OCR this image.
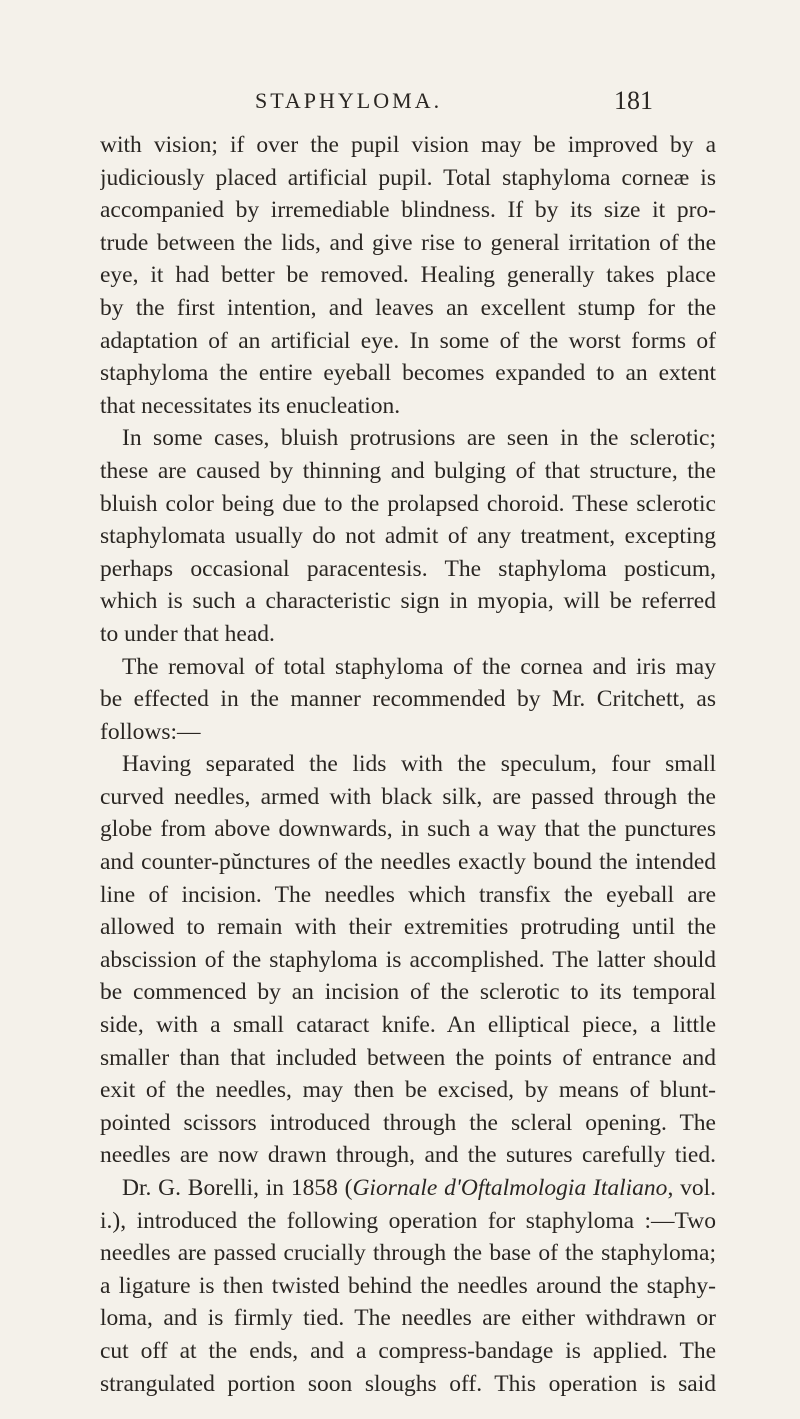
STAPHYLOMA.	181
with vision; if over the pupil vision may be improved by a
judiciously placed artificial pupil. Total staphyloma corneæ is
accompanied by irremediable blindness. If by its size it pro-
trude between the lids, and give rise to general irritation of the
eye, it had better be removed. Healing generally takes place
by the first intention, and leaves an excellent stump for the
adaptation of an artificial eye. In some of the worst forms of
staphyloma the entire eyeball becomes expanded to an extent
that necessitates its enucleation.
In some cases, bluish protrusions are seen in the sclerotic;
these are caused by thinning and bulging of that structure, the
bluish color being due to the prolapsed choroid. These sclerotic
staphylomata usually do not admit of any treatment, excepting
perhaps occasional paracentesis. The staphyloma posticum,
which is such a characteristic sign in myopia, will be referred
to under that head.
The removal of total staphyloma of the cornea and iris may
be effected in the manner recommended by Mr. Critchett, as
follows:—
Having separated the lids with the speculum, four small
curved needles, armed with black silk, are passed through the
globe from above downwards, in such a way that the punctures
and counter-pŭnctures of the needles exactly bound the intended
line of incision. The needles which transfix the eyeball are
allowed to remain with their extremities protruding until the
abscission of the staphyloma is accomplished. The latter should
be commenced by an incision of the sclerotic to its temporal
side, with a small cataract knife. An elliptical piece, a little
smaller than that included between the points of entrance and
exit of the needles, may then be excised, by means of blunt-
pointed scissors introduced through the scleral opening. The
needles are now drawn through, and the sutures carefully tied.
Dr. G. Borelli, in 1858 (Giornale d'Oftalmologia Italiano, vol.
i.), introduced the following operation for staphyloma :—Two
needles are passed crucially through the base of the staphyloma;
a ligature is then twisted behind the needles around the staphy-
loma, and is firmly tied. The needles are either withdrawn or
cut off at the ends, and a compress-bandage is applied. The
strangulated portion soon sloughs off. This operation is said
